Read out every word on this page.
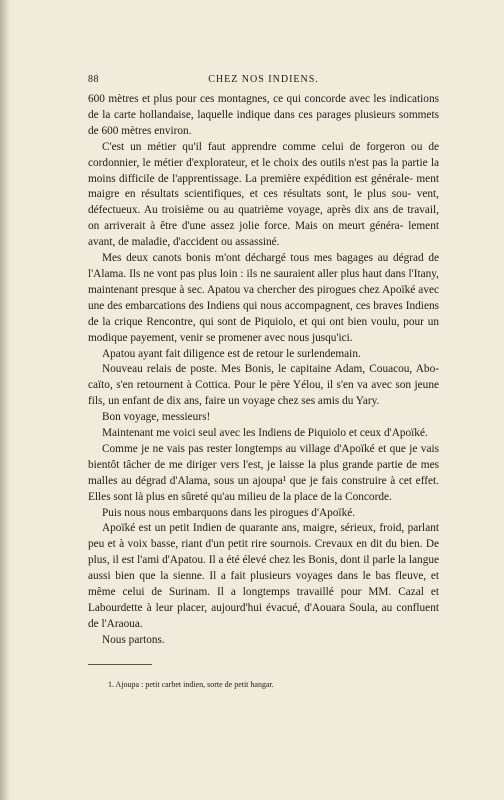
88	CHEZ NOS INDIENS.

600 mètres et plus pour ces montagnes, ce qui concorde avec les indications de la carte hollandaise, laquelle indique dans ces parages plusieurs sommets de 600 mètres environ.

C'est un métier qu'il faut apprendre comme celui de forgeron ou de cordonnier, le métier d'explorateur, et le choix des outils n'est pas la partie la moins difficile de l'apprentissage. La première expédition est générale- ment maigre en résultats scientifiques, et ces résultats sont, le plus sou- vent, défectueux. Au troisième ou au quatrième voyage, après dix ans de travail, on arriverait à être d'une assez jolie force. Mais on meurt généra- lement avant, de maladie, d'accident ou assassiné.

Mes deux canots bonis m'ont déchargé tous mes bagages au dégrad de l'Alama. Ils ne vont pas plus loin : ils ne sauraient aller plus haut dans l'Itany, maintenant presque à sec. Apatou va chercher des pirogues chez Apoïké avec une des embarcations des Indiens qui nous accompagnent, ces braves Indiens de la crique Rencontre, qui sont de Piquiolo, et qui ont bien voulu, pour un modique payement, venir se promener avec nous jusqu'ici.

Apatou ayant fait diligence est de retour le surlendemain.

Nouveau relais de poste. Mes Bonis, le capitaine Adam, Couacou, Abo- caïto, s'en retournent à Cottica. Pour le père Yélou, il s'en va avec son jeune fils, un enfant de dix ans, faire un voyage chez ses amis du Yary.

Bon voyage, messieurs!

Maintenant me voici seul avec les Indiens de Piquiolo et ceux d'Apoïké.

Comme je ne vais pas rester longtemps au village d'Apoïké et que je vais bientôt tâcher de me diriger vers l'est, je laisse la plus grande partie de mes malles au dégrad d'Alama, sous un ajoupa¹ que je fais construire à cet effet. Elles sont là plus en sûreté qu'au milieu de la place de la Concorde.

Puis nous nous embarquons dans les pirogues d'Apoïké.

Apoïké est un petit Indien de quarante ans, maigre, sérieux, froid, parlant peu et à voix basse, riant d'un petit rire sournois. Crevaux en dit du bien. De plus, il est l'ami d'Apatou. Il a été élevé chez les Bonis, dont il parle la langue aussi bien que la sienne. Il a fait plusieurs voyages dans le bas fleuve, et même celui de Surinam. Il a longtemps travaillé pour MM. Cazal et Labourdette à leur placer, aujourd'hui évacué, d'Aouara Soula, au confluent de l'Araoua.

Nous partons.

1. Ajoupa : petit carbet indien, sorte de petit hangar.
